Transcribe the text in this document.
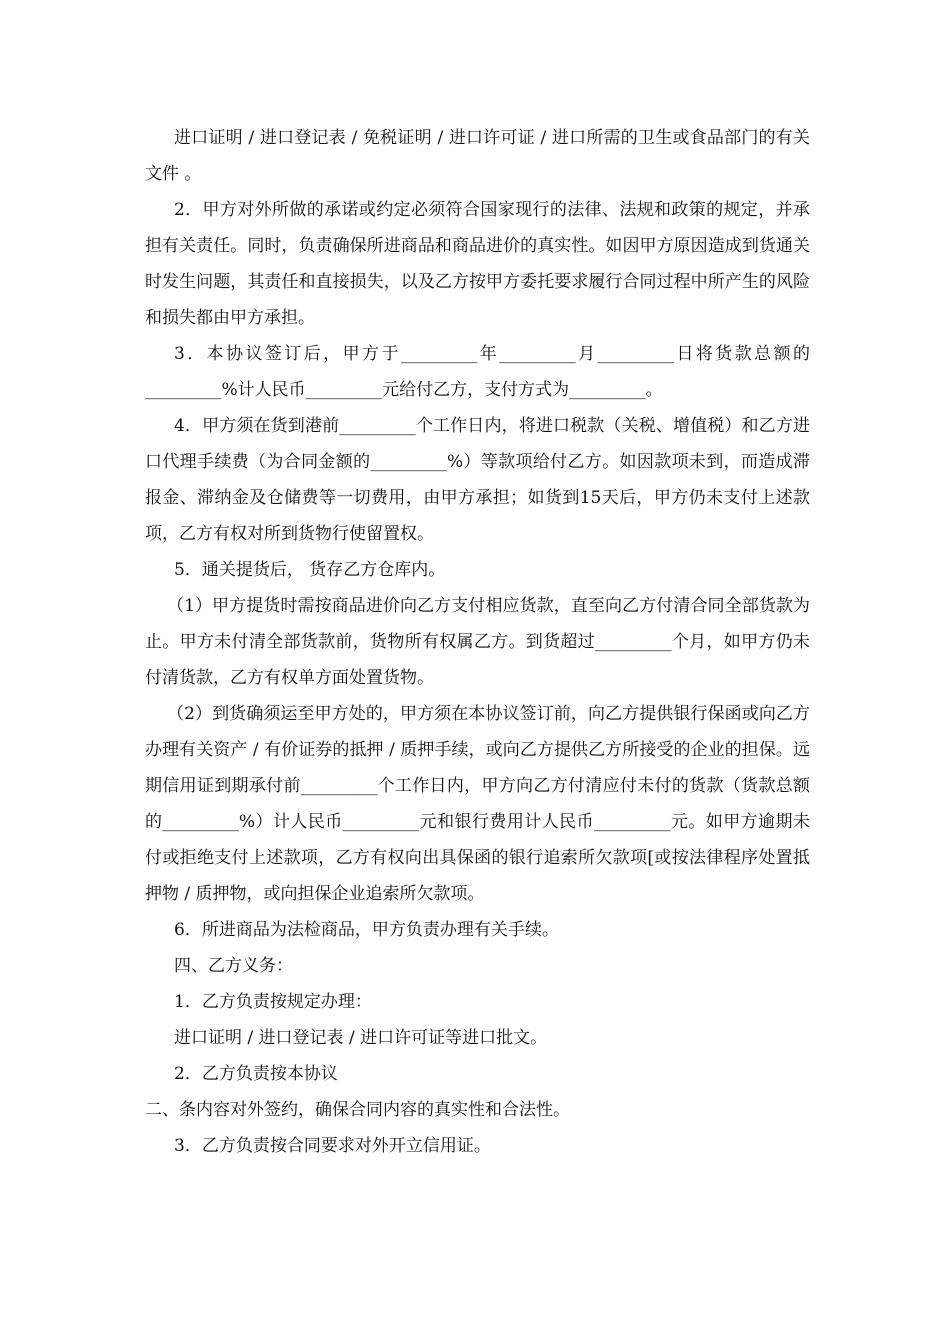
进口证明 / 进口登记表 / 免税证明 / 进口许可证 / 进口所需的卫生或食品部门的有关文件 。

2．甲方对外所做的承诺或约定必须符合国家现行的法律、法规和政策的规定，并承担有关责任。同时，负责确保所进商品和商品进价的真实性。如因甲方原因造成到货通关时发生问题，其责任和直接损失，以及乙方按甲方委托要求履行合同过程中所产生的风险和损失都由甲方承担。

3．本协议签订后，甲方于_________年_________月_________日将货款总额的_________%计人民币_________元给付乙方，支付方式为_________。

4．甲方须在货到港前_________个工作日内，将进口税款（关税、增值税）和乙方进口代理手续费（为合同金额的_________%）等款项给付乙方。如因款项未到，而造成滞报金、滞纳金及仓储费等一切费用，由甲方承担；如货到15天后，甲方仍未支付上述款项，乙方有权对所到货物行使留置权。

5．通关提货后， 货存乙方仓库内。

（1）甲方提货时需按商品进价向乙方支付相应货款，直至向乙方付清合同全部货款为止。甲方未付清全部货款前，货物所有权属乙方。到货超过_________个月，如甲方仍未付清货款，乙方有权单方面处置货物。

（2）到货确须运至甲方处的，甲方须在本协议签订前，向乙方提供银行保函或向乙方办理有关资产 / 有价证券的抵押 / 质押手续，或向乙方提供乙方所接受的企业的担保。远期信用证到期承付前_________个工作日内，甲方向乙方付清应付未付的货款（货款总额的_________%）计人民币_________元和银行费用计人民币_________元。如甲方逾期未付或拒绝支付上述款项，乙方有权向出具保函的银行追索所欠款项[或按法律程序处置抵押物 / 质押物，或向担保企业追索所欠款项。

6．所进商品为法检商品，甲方负责办理有关手续。

四、乙方义务：

1．乙方负责按规定办理：

进口证明 / 进口登记表 / 进口许可证等进口批文。

2．乙方负责按本协议

二、条内容对外签约，确保合同内容的真实性和合法性。

3．乙方负责按合同要求对外开立信用证。
